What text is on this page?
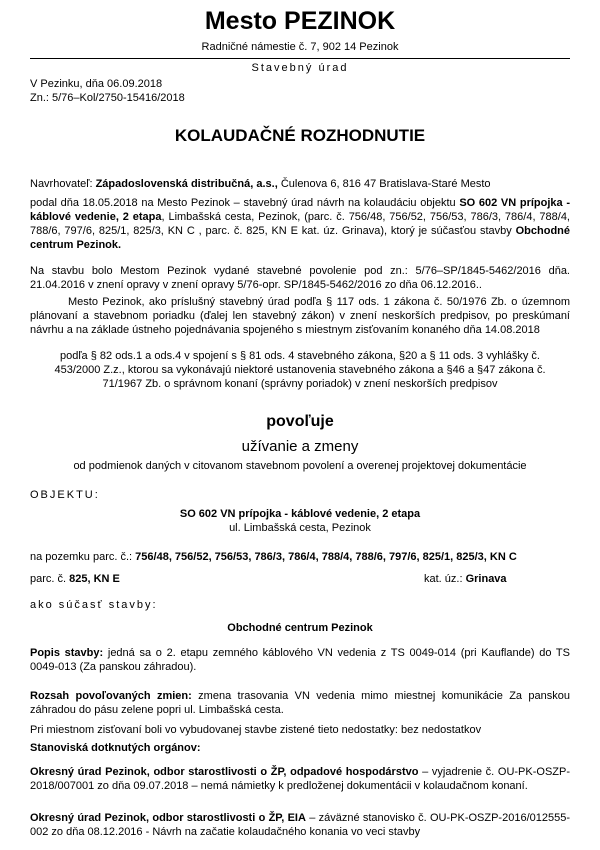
Mesto PEZINOK
Radničné námestie č. 7, 902 14 Pezinok
Stavebný úrad
V Pezinku, dňa 06.09.2018
Zn.: 5/76–Kol/2750-15416/2018
KOLAUDAČNÉ ROZHODNUTIE
Navrhovateľ: Západoslovenská distribučná, a.s., Čulenova 6, 816 47 Bratislava-Staré Mesto
podal dňa 18.05.2018 na Mesto Pezinok – stavebný úrad návrh na kolaudáciu objektu SO 602 VN prípojka - káblové vedenie, 2 etapa, Limbašská cesta, Pezinok, (parc. č. 756/48, 756/52, 756/53, 786/3, 786/4, 788/4, 788/6, 797/6, 825/1, 825/3, KN C , parc. č. 825, KN E kat. úz. Grinava), ktorý je súčasťou stavby Obchodné centrum Pezinok.
Na stavbu bolo Mestom Pezinok vydané stavebné povolenie pod zn.: 5/76–SP/1845-5462/2016 dňa. 21.04.2016 v znení opravy v znení opravy 5/76-opr. SP/1845-5462/2016 zo dňa 06.12.2016..
Mesto Pezinok, ako príslušný stavebný úrad podľa § 117 ods. 1 zákona č. 50/1976 Zb. o územnom plánovaní a stavebnom poriadku (ďalej len stavebný zákon) v znení neskorších predpisov, po preskúmaní návrhu a na základe ústneho pojednávania spojeného s miestnym zisťovaním konaného dňa 14.08.2018
podľa § 82 ods.1 a ods.4 v spojení s § 81 ods. 4 stavebného zákona, §20 a § 11 ods. 3 vyhlášky č. 453/2000 Z.z., ktorou sa vykonávajú niektoré ustanovenia stavebného zákona a §46 a §47 zákona č. 71/1967 Zb. o správnom konaní (správny poriadok) v znení neskorších predpisov
povoľuje
užívanie a zmeny
od podmienok daných v citovanom stavebnom povolení a overenej projektovej dokumentácie
OBJEKTU:
SO 602 VN prípojka - káblové vedenie, 2 etapa
ul. Limbašská cesta, Pezinok
na pozemku parc. č.: 756/48, 756/52, 756/53, 786/3, 786/4, 788/4, 788/6, 797/6, 825/1, 825/3, KN C
parc. č. 825, KN E	kat. úz.: Grinava
ako súčasť stavby:
Obchodné centrum Pezinok
Popis stavby: jedná sa o 2. etapu zemného káblového VN vedenia z TS 0049-014 (pri Kauflande) do TS 0049-013 (Za panskou záhradou).
Rozsah povoľovaných zmien: zmena trasovania VN vedenia mimo miestnej komunikácie Za panskou záhradou do pásu zelene popri ul. Limbašská cesta.
Pri miestnom zisťovaní boli vo vybudovanej stavbe zistené tieto nedostatky: bez nedostatkov
Stanoviská dotknutých orgánov:
Okresný úrad Pezinok, odbor starostlivosti o ŽP, odpadové hospodárstvo – vyjadrenie č. OU-PK-OSZP-2018/007001 zo dňa 09.07.2018 – nemá námietky k predloženej dokumentácii v kolaudačnom konaní.
Okresný úrad Pezinok, odbor starostlivosti o ŽP, EIA – záväzné stanovisko č. OU-PK-OSZP-2016/012555-002 zo dňa 08.12.2016 - Návrh na začatie kolaudačného konania vo veci stavby
